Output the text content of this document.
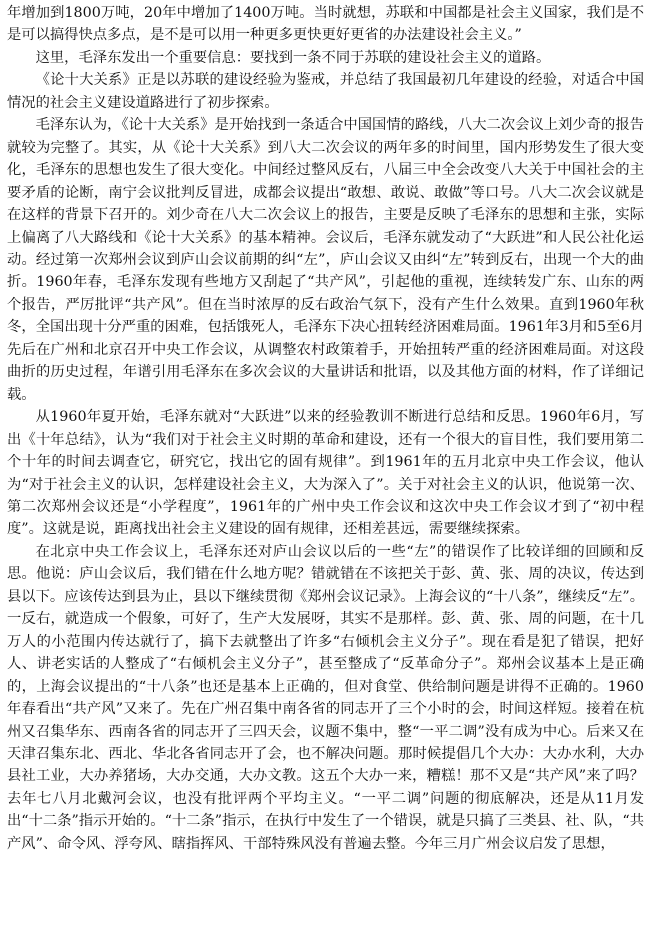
年增加到1800万吨，20年中增加了1400万吨。当时就想，苏联和中国都是社会主义国家，我们是不是可以搞得快点多点，是不是可以用一种更多更快更好更省的办法建设社会主义。”

这里，毛泽东发出一个重要信息：要找到一条不同于苏联的建设社会主义的道路。

《论十大关系》正是以苏联的建设经验为鉴戒，并总结了我国最初几年建设的经验，对适合中国情况的社会主义建设道路进行了初步探索。

毛泽东认为，《论十大关系》是开始找到一条适合中国国情的路线，八大二次会议上刘少奇的报告就较为完整了。其实，从《论十大关系》到八大二次会议的两年多的时间里，国内形势发生了很大变化，毛泽东的思想也发生了很大变化。中间经过整风反右，八届三中全会改变八大关于中国社会的主要矛盾的论断，南宁会议批判反冒进，成都会议提出“敢想、敢说、敢做”等口号。八大二次会议就是在这样的背景下召开的。刘少奇在八大二次会议上的报告，主要是反映了毛泽东的思想和主张，实际上偏离了八大路线和《论十大关系》的基本精神。会议后，毛泽东就发动了“大跃进”和人民公社化运动。经过第一次郑州会议到庐山会议前期的纠“左”，庐山会议又由纠“左”转到反右，出现一个大的曲折。1960年春，毛泽东发现有些地方又刮起了“共产风”，引起他的重视，连续转发广东、山东的两个报告，严厉批评“共产风”。但在当时浓厚的反右政治气氛下，没有产生什么效果。直到1960年秋冬，全国出现十分严重的困难，包括饿死人，毛泽东下决心扭转经济困难局面。1961年3月和5至6月先后在广州和北京召开中央工作会议，从调整农村政策着手，开始扭转严重的经济困难局面。对这段曲折的历史过程，年谱引用毛泽东在多次会议的大量讲话和批语，以及其他方面的材料，作了详细记载。

从1960年夏开始，毛泽东就对“大跃进”以来的经验教训不断进行总结和反思。1960年6月，写出《十年总结》，认为“我们对于社会主义时期的革命和建设，还有一个很大的盲目性，我们要用第二个十年的时间去调查它，研究它，找出它的固有规律”。到1961年的五月北京中央工作会议，他认为“对于社会主义的认识，怎样建设社会主义，大为深入了”。关于对社会主义的认识，他说第一次、第二次郑州会议还是“小学程度”，1961年的广州中央工作会议和这次中央工作会议才到了“初中程度”。这就是说，距离找出社会主义建设的固有规律，还相差甚远，需要继续探索。

在北京中央工作会议上，毛泽东还对庐山会议以后的一些“左”的错误作了比较详细的回顾和反思。他说：庐山会议后，我们错在什么地方呢？错就错在不该把关于彭、黄、张、周的决议，传达到县以下。应该传达到县为止，县以下继续贯彻《郑州会议记录》。上海会议的“十八条”，继续反“左”。一反右，就造成一个假象，可好了，生产大发展呀，其实不是那样。彭、黄、张、周的问题，在十几万人的小范围内传达就行了，搞下去就整出了许多“右倾机会主义分子”。现在看是犯了错误，把好人、讲老实话的人整成了“右倾机会主义分子”，甚至整成了“反革命分子”。郑州会议基本上是正确的，上海会议提出的“十八条”也还是基本上正确的，但对食堂、供给制问题是讲得不正确的。1960年春看出“共产风”又来了。先在广州召集中南各省的同志开了三个小时的会，时间这样短。接着在杭州又召集华东、西南各省的同志开了三四天会，议题不集中，整“一平二调”没有成为中心。后来又在天津召集东北、西北、华北各省同志开了会，也不解决问题。那时候提倡几个大办：大办水利，大办县社工业，大办养猪场，大办交通，大办文教。这五个大办一来，糟糕！那不又是“共产风”来了吗？去年七八月北戴河会议，也没有批评两个平均主义。“一平二调”问题的彻底解决，还是从11月发出“十二条”指示开始的。“十二条”指示，在执行中发生了一个错误，就是只搞了三类县、社、队，“共产风”、命令风、浮夸风、瞎指挥风、干部特殊风没有普遍去整。今年三月广州会议启发了思想，
